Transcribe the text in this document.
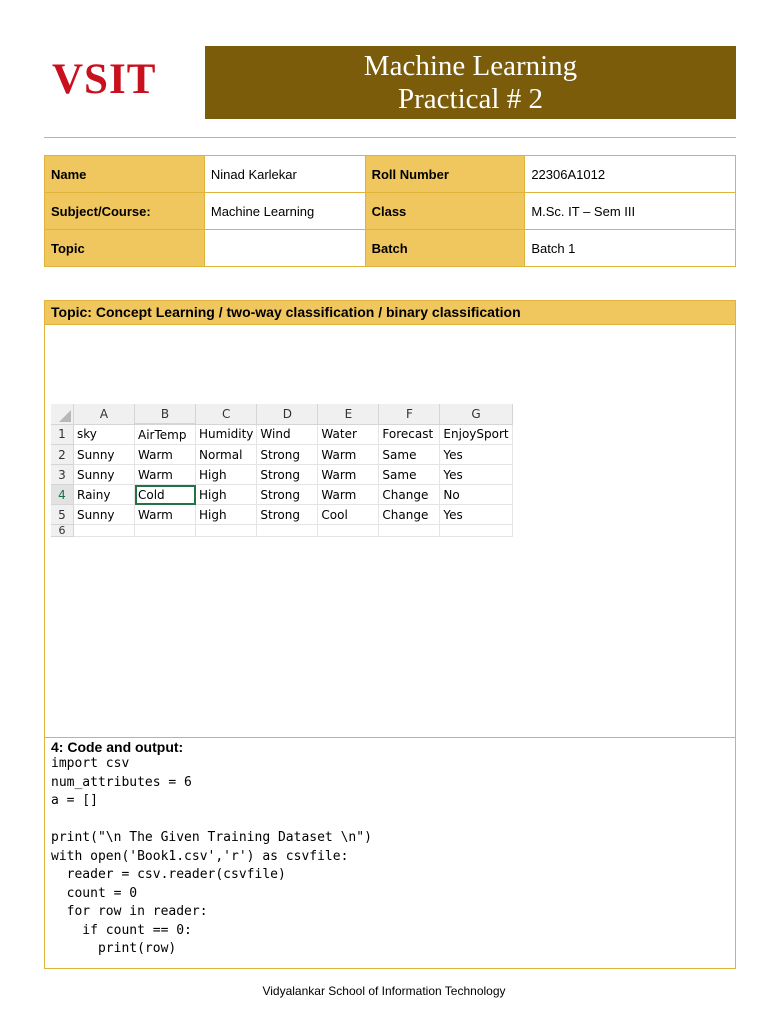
VSIT	Machine Learning
Practical # 2
Name	Ninad Karlekar	Roll Number	22306A1012
Subject/Course:	Machine Learning	Class	M.Sc. IT – Sem III
Topic		Batch	Batch 1
Topic: Concept Learning / two-way classification / binary classification
	A	B	C	D	E	F	G
1	sky	AirTemp	Humidity	Wind	Water	Forecast	EnjoySport
2	Sunny	Warm	Normal	Strong	Warm	Same	Yes
3	Sunny	Warm	High	Strong	Warm	Same	Yes
4	Rainy	Cold	High	Strong	Warm	Change	No
5	Sunny	Warm	High	Strong	Cool	Change	Yes
6							
4: Code and output:
import csv
num_attributes = 6
a = []

print("\n The Given Training Dataset \n")
with open('Book1.csv','r') as csvfile:
reader = csv.reader(csvfile)
count = 0
for row in reader:
if count == 0:
print(row)
Vidyalankar School of Information Technology
